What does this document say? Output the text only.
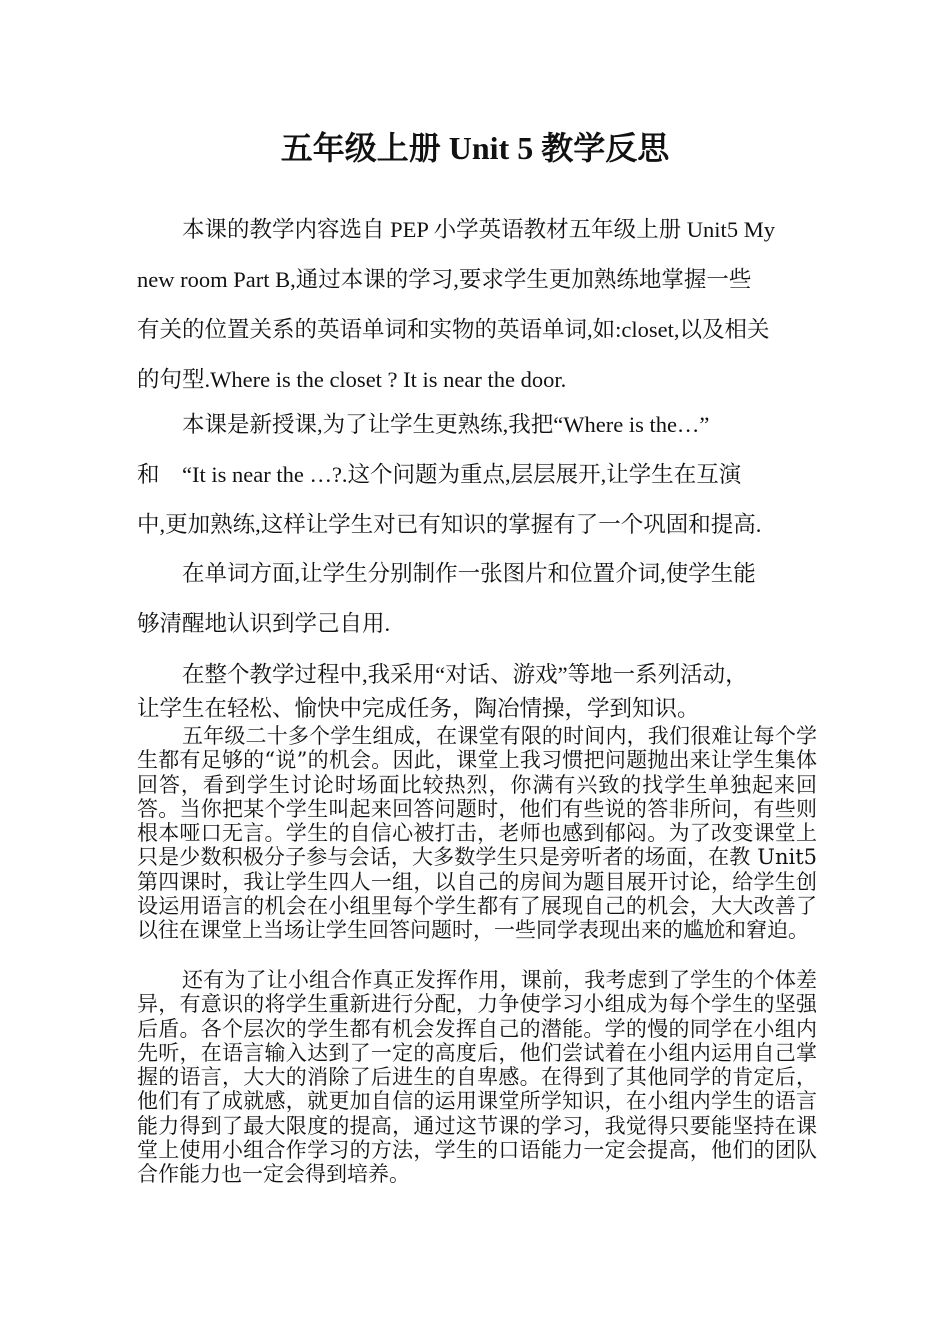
五年级上册 Unit 5 教学反思

本课的教学内容选自 PEP 小学英语教材五年级上册 Unit5 My
new room Part B,通过本课的学习,要求学生更加熟练地掌握一些
有关的位置关系的英语单词和实物的英语单词,如:closet,以及相关
的句型.Where is the closet ? It is near the door.

本课是新授课,为了让学生更熟练,我把“Where is the…”
和　“It is near the …?.这个问题为重点,层层展开,让学生在互演
中,更加熟练,这样让学生对已有知识的掌握有了一个巩固和提高.

在单词方面,让学生分别制作一张图片和位置介词,使学生能
够清醒地认识到学己自用.

在整个教学过程中,我采用“对话、游戏”等地一系列活动，

让学生在轻松、愉快中完成任务，陶冶情操，学到知识。

五年级二十多个学生组成，在课堂有限的时间内，我们很难让每个学生都有足够的“说”的机会。因此，课堂上我习惯把问题抛出来让学生集体回答，看到学生讨论时场面比较热烈，你满有兴致的找学生单独起来回答。当你把某个学生叫起来回答问题时，他们有些说的答非所问，有些则根本哑口无言。学生的自信心被打击，老师也感到郁闷。为了改变课堂上只是少数积极分子参与会话，大多数学生只是旁听者的场面，在教 Unit5 第四课时，我让学生四人一组，以自己的房间为题目展开讨论，给学生创设运用语言的机会在小组里每个学生都有了展现自己的机会，大大改善了以往在课堂上当场让学生回答问题时，一些同学表现出来的尴尬和窘迫。

还有为了让小组合作真正发挥作用，课前，我考虑到了学生的个体差异，有意识的将学生重新进行分配，力争使学习小组成为每个学生的坚强后盾。各个层次的学生都有机会发挥自己的潜能。学的慢的同学在小组内先听，在语言输入达到了一定的高度后，他们尝试着在小组内运用自己掌握的语言，大大的消除了后进生的自卑感。在得到了其他同学的肯定后，他们有了成就感，就更加自信的运用课堂所学知识，在小组内学生的语言能力得到了最大限度的提高，通过这节课的学习，我觉得只要能坚持在课堂上使用小组合作学习的方法，学生的口语能力一定会提高，他们的团队合作能力也一定会得到培养。
